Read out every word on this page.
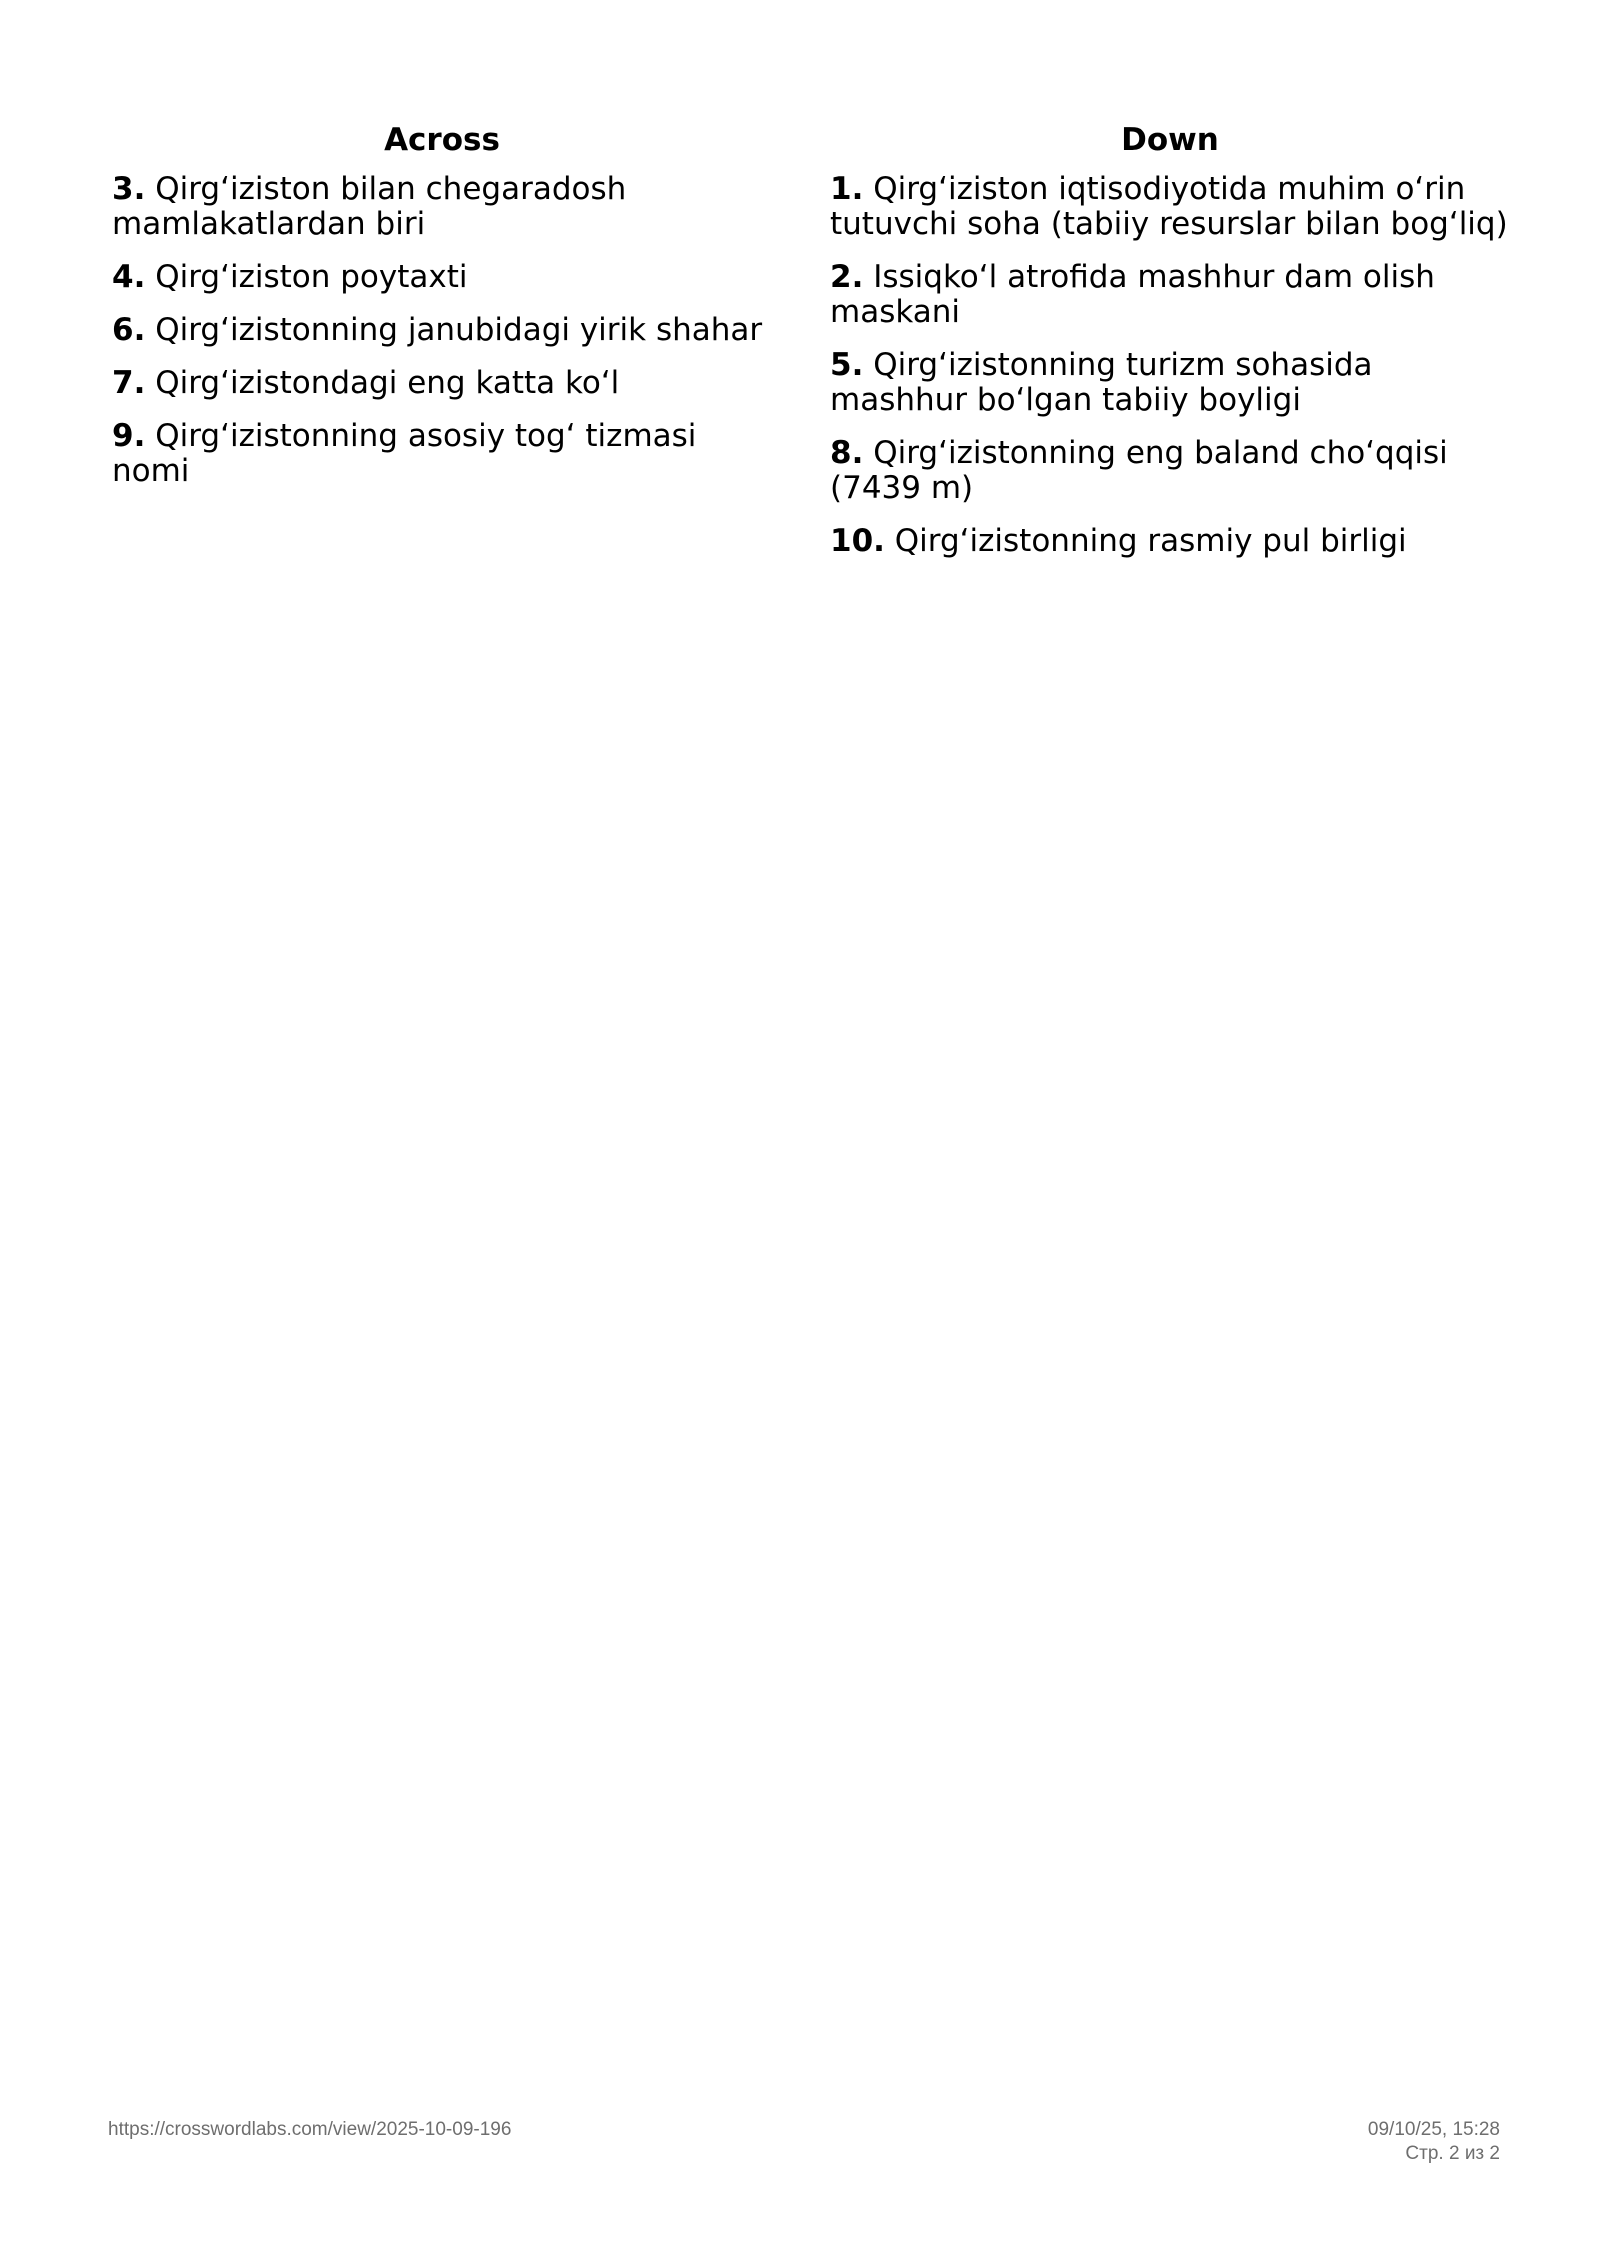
Across
3. Qirg‘iziston bilan chegaradosh mamlakatlardan biri
4. Qirg‘iziston poytaxti
6. Qirg‘izistonning janubidagi yirik shahar
7. Qirg‘izistondagi eng katta ko‘l
9. Qirg‘izistonning asosiy tog‘ tizmasi nomi
Down
1. Qirg‘iziston iqtisodiyotida muhim o‘rin tutuvchi soha (tabiiy resurslar bilan bog‘liq)
2. Issiqko‘l atrofida mashhur dam olish maskani
5. Qirg‘izistonning turizm sohasida mashhur bo‘lgan tabiiy boyligi
8. Qirg‘izistonning eng baland cho‘qqisi (7439 m)
10. Qirg‘izistonning rasmiy pul birligi
https://crosswordlabs.com/view/2025-10-09-196	09/10/25, 15:28
Стр. 2 из 2
